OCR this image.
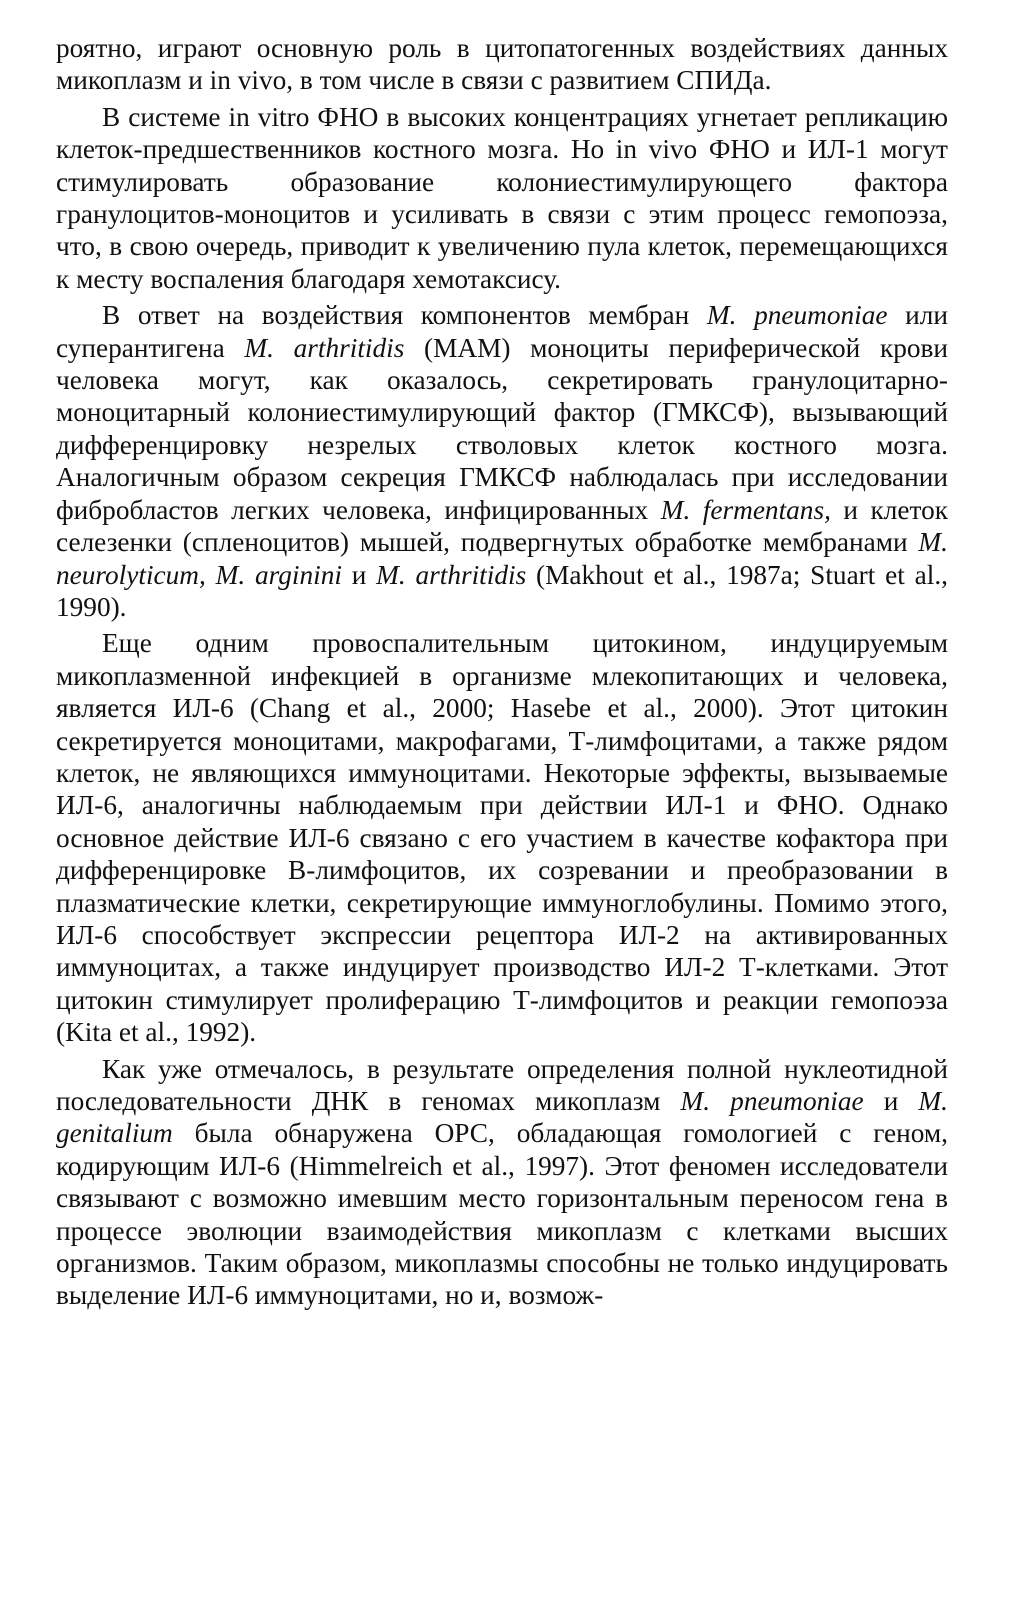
роятно, играют основную роль в цитопатогенных воздействиях данных микоплазм и in vivo, в том числе в связи с развитием СПИДа.

В системе in vitro ФНО в высоких концентрациях угнетает репликацию клеток-предшественников костного мозга. Но in vivo ФНО и ИЛ-1 могут стимулировать образование колониестимулирующего фактора гранулоцитов-моноцитов и усиливать в связи с этим процесс гемопоэза, что, в свою очередь, приводит к увеличению пула клеток, перемещающихся к месту воспаления благодаря хемотаксису.

В ответ на воздействия компонентов мембран M. pneumoniae или суперантигена M. arthritidis (МАМ) моноциты периферической крови человека могут, как оказалось, секретировать гранулоцитарно-моноцитарный колониестимулирующий фактор (ГМКСФ), вызывающий дифференцировку незрелых стволовых клеток костного мозга. Аналогичным образом секреция ГМКСФ наблюдалась при исследовании фибробластов легких человека, инфицированных M. fermentans, и клеток селезенки (спленоцитов) мышей, подвергнутых обработке мембранами M. neurolyticum, M. arginini и M. arthritidis (Makhout et al., 1987a; Stuart et al., 1990).

Еще одним провоспалительным цитокином, индуцируемым микоплазменной инфекцией в организме млекопитающих и человека, является ИЛ-6 (Chang et al., 2000; Hasebe et al., 2000). Этот цитокин секретируется моноцитами, макрофагами, Т-лимфоцитами, а также рядом клеток, не являющихся иммуноцитами. Некоторые эффекты, вызываемые ИЛ-6, аналогичны наблюдаемым при действии ИЛ-1 и ФНО. Однако основное действие ИЛ-6 связано с его участием в качестве кофактора при дифференцировке В-лимфоцитов, их созревании и преобразовании в плазматические клетки, секретирующие иммуноглобулины. Помимо этого, ИЛ-6 способствует экспрессии рецептора ИЛ-2 на активированных иммуноцитах, а также индуцирует производство ИЛ-2 Т-клетками. Этот цитокин стимулирует пролиферацию Т-лимфоцитов и реакции гемопоэза (Kita et al., 1992).

Как уже отмечалось, в результате определения полной нуклеотидной последовательности ДНК в геномах микоплазм M. pneumoniae и M. genitalium была обнаружена ОРС, обладающая гомологией с геном, кодирующим ИЛ-6 (Himmelreich et al., 1997). Этот феномен исследователи связывают с возможно имевшим место горизонтальным переносом гена в процессе эволюции взаимодействия микоплазм с клетками высших организмов. Таким образом, микоплазмы способны не только индуцировать выделение ИЛ-6 иммуноцитами, но и, возмож-
